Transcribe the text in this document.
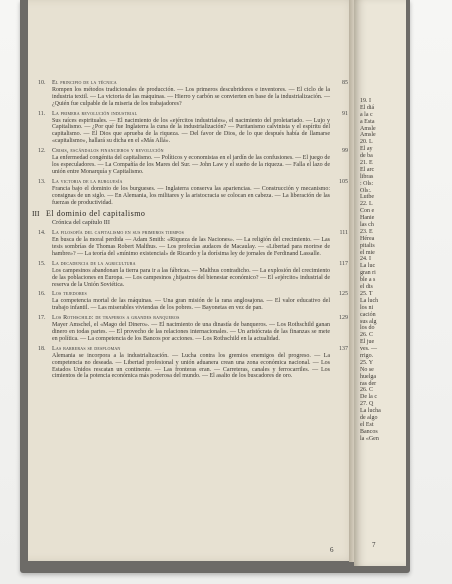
19. I
El diá
a la c
a Esta
Amsle
Amsle
20. L
El ay
de ba
21. E
El arc
libras
: Ols:
Ols:.
Lutbe
22. L
Con e
Hanie
las ch
23. E
Hérea
pitalis
el mie
24. I
La luc
gran ri
ble a s
el dis
25. T
La luch
los ni
cación
sus alg
los do
26. C
El jue
ves. —
rrigo.
25. Y
No se
huelga
ras der
26. C
De la c
27. Q
La lucha
de algo
el Est
Bancos
la «Gen
10.	El principio de la técnica	85
Rompen los métodos tradicionales de producción. — Los primeros descubridores e inventores. — El ciclo de la industria textil. — La victoria de las máquinas. — Hierro y carbón se convierten en base de la industrialización. — ¿Quién fue culpable de la miseria de los trabajadores?
11.	La primera revolución industrial	91
Sus raíces espirituales. — El nacimiento de los «ejércitos industriales», el nacimiento del proletariado. — Lujo y Capitalismo. — ¿Por qué fue Inglaterra la cuna de la industrialización? — Puritanismo calvinista y el espíritu del capitalismo. — El Dios que aprueba de la riqueza. — Del favor de Dios, de lo que después había de llamarse «capitalismo», hallará su dicha en el «Más Allá».
12.	Crisis, escándalos financieros y revolución	99
La enfermedad congénita del capitalismo. — Políticos y economistas en el jardín de las confusiones. — El juego de los especuladores. — La Compañía de los Mares del Sur. — John Law y el sueño de la riqueza. — Falla el lazo de unión entre Monarquía y Capitalismo.
13.	La victoria de la burguesía	105
Francia bajo el dominio de los burgueses. — Inglaterra conserva las apariencias. — Construcción y mecanismo: consignas de un siglo. — En Alemania, los militares y la aristocracia se colocan en cabeza. — La liberación de las fuerzas de productividad.
III El dominio del capitalismo
Crónica del capítulo III
14.	La filosofía del capitalismo en sus primeros tiempos	111
En busca de la moral perdida — Adam Smith: «Riqueza de las Naciones». — La religión del crecimiento. — Las tesis sombrías de Thomas Robert Malthus. — Los profecías audaces de Macaulay. — «Libertad para morirse de hambre»? — La teoría del «mínimo existencial» de Ricardo y la dorísima ley de jornales de Ferdinand Lassalle.
15.	La decadencia de la agricultura	117
Los campesinos abandonan la tierra para ir a las fábricas. — Malthus contradicho. — La explosión del crecimiento de las poblaciones en Europa. — Los campesinos ¿hijastros del bienestar económico? — El «ejército» industrial de reserva de la Unión Soviética.
16.	Los tejedores	125
La competencia mortal de las máquinas. — Una gran misión de la rana anglosajona. — El valor educativo del trabajo infantil. — Las miserables viviendas de los pobres. — Bayonetas en vez de pan.
17.	Los Rothschild: de traperos a grandes banqueros	129
Mayer Amschel, el «Mago del Dinero». — El nacimiento de una dinastía de banqueros. — Los Rothschild ganan dinero en todas partes. — El provecho de las relaciones internacionales. — Un aristócrata de las finanzas se mete en política. — La competencia de los Bancos por acciones. — Los Rothschild en la actualidad.
18.	Las barreras se desploman	137
Alemania se incorpora a la industrialización. — Lucha contra los gremios enemigos del progreso. — La competencia no deseada. — Libertad profesional y unión aduanera crean una zona económica nacional. — Los Estados Unidos rescatan un continente. — Las fronteras eran. — Carreteras, canales y ferrocarriles. — Los cimientos de la potencia económica más poderosa del mundo. — El asalto de los buscadores de oro.
6
7
